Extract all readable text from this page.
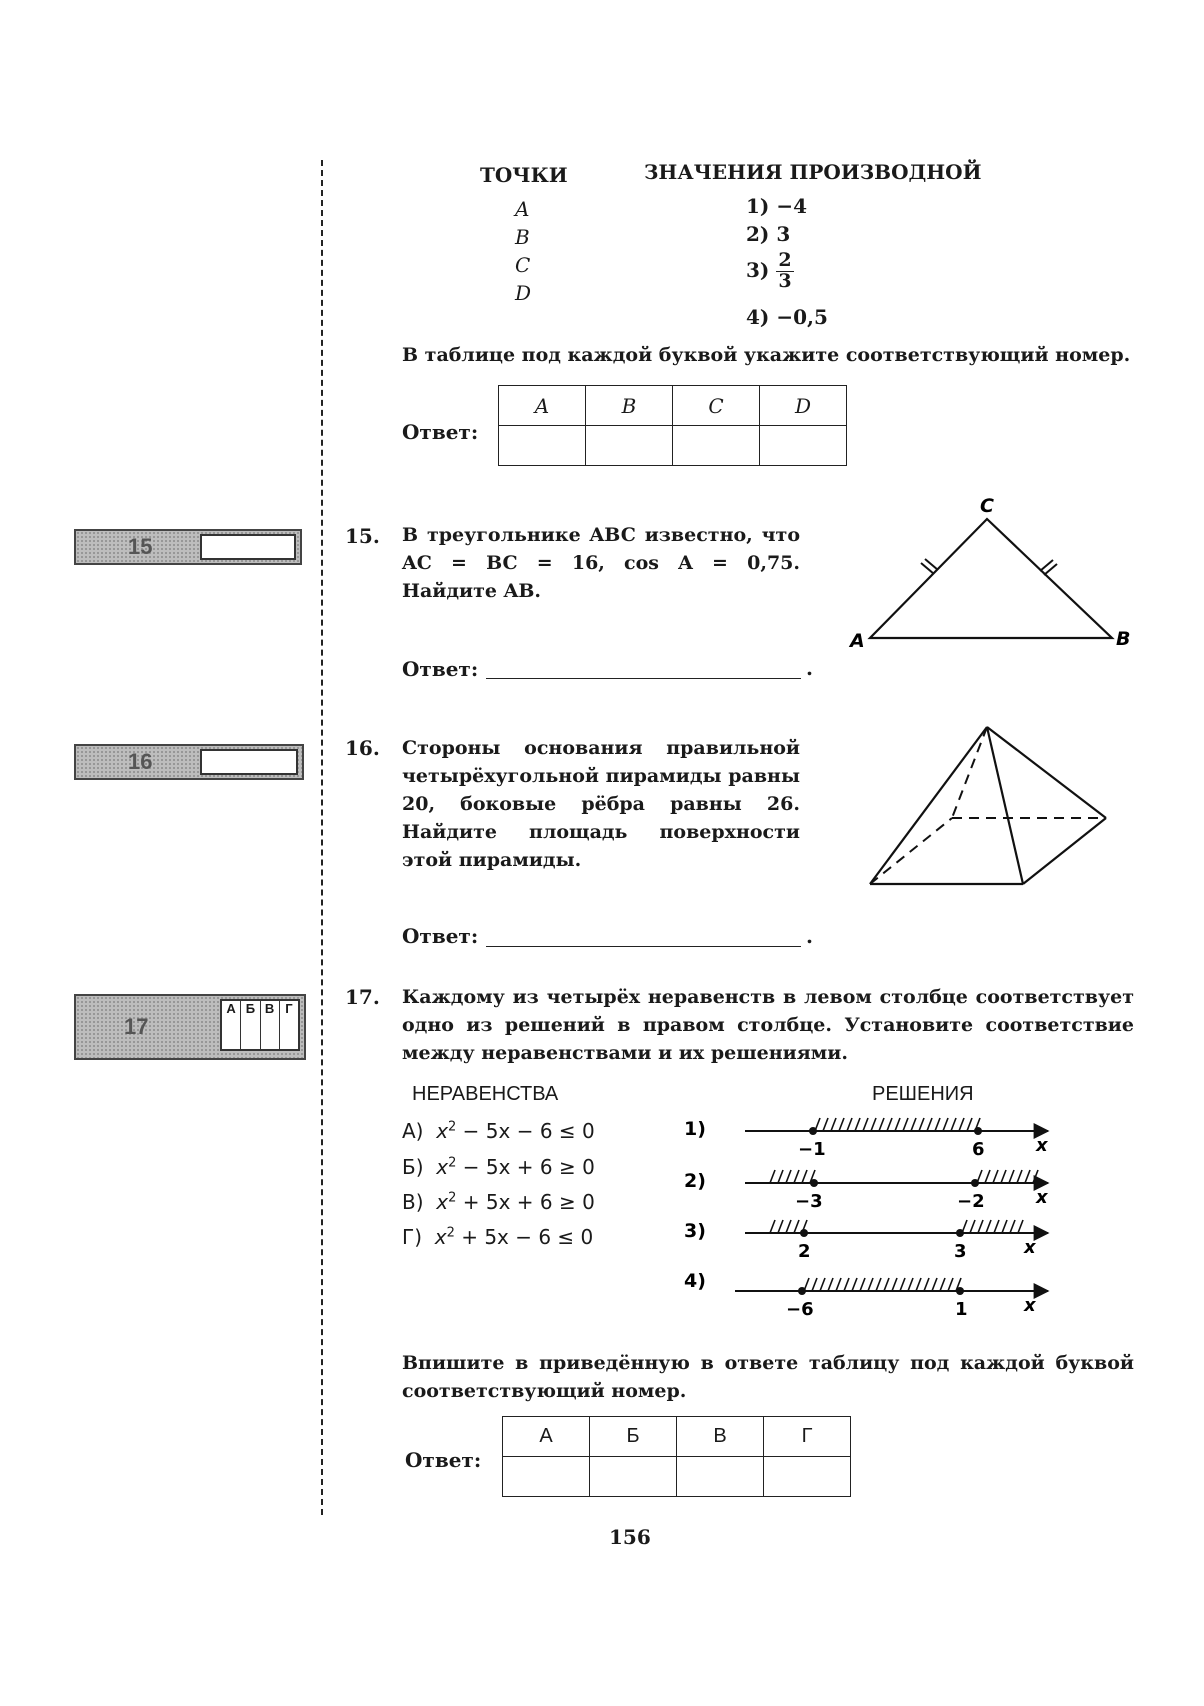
ТОЧКИ	ЗНАЧЕНИЯ ПРОИЗВОДНОЙ
A
B
C
D
1) −4
2) 3
$3) \frac{2}{3}$
4) −0,5
В таблице под каждой буквой укажите соответствующий номер.
Ответ:
A	B	C	D

15	15. В треугольнике ABC известно, что AC = BC = 16, cos A = 0,75. Найдите AB.
Ответ:	.
A	B
C
16
16. Стороны основания правильной четырёхугольной пирамиды равны 20, боковые рёбра равны 26. Найдите площадь поверхности этой пирамиды.
Ответ:	.
17
А Б В Г	17. Каждому из четырёх неравенств в левом столбце соответствует одно из решений в правом столбце. Установите соответствие между неравенствами и их решениями.
НЕРАВЕНСТВА	РЕШЕНИЯ
А) $x^2 - 5x - 6 \le 0$
Б) $x^2 - 5x + 6 \ge 0$
В) $x^2 + 5x + 6 \ge 0$
Г) $x^2 + 5x - 6 \le 0$
1)
2)
3)
4)
−1	6	x
−3	−2	x
2	3	x
−6	1	x
Впишите в приведённую в ответе таблицу под каждой буквой соответствующий номер.
Ответ:
А	Б	В	Г

156
